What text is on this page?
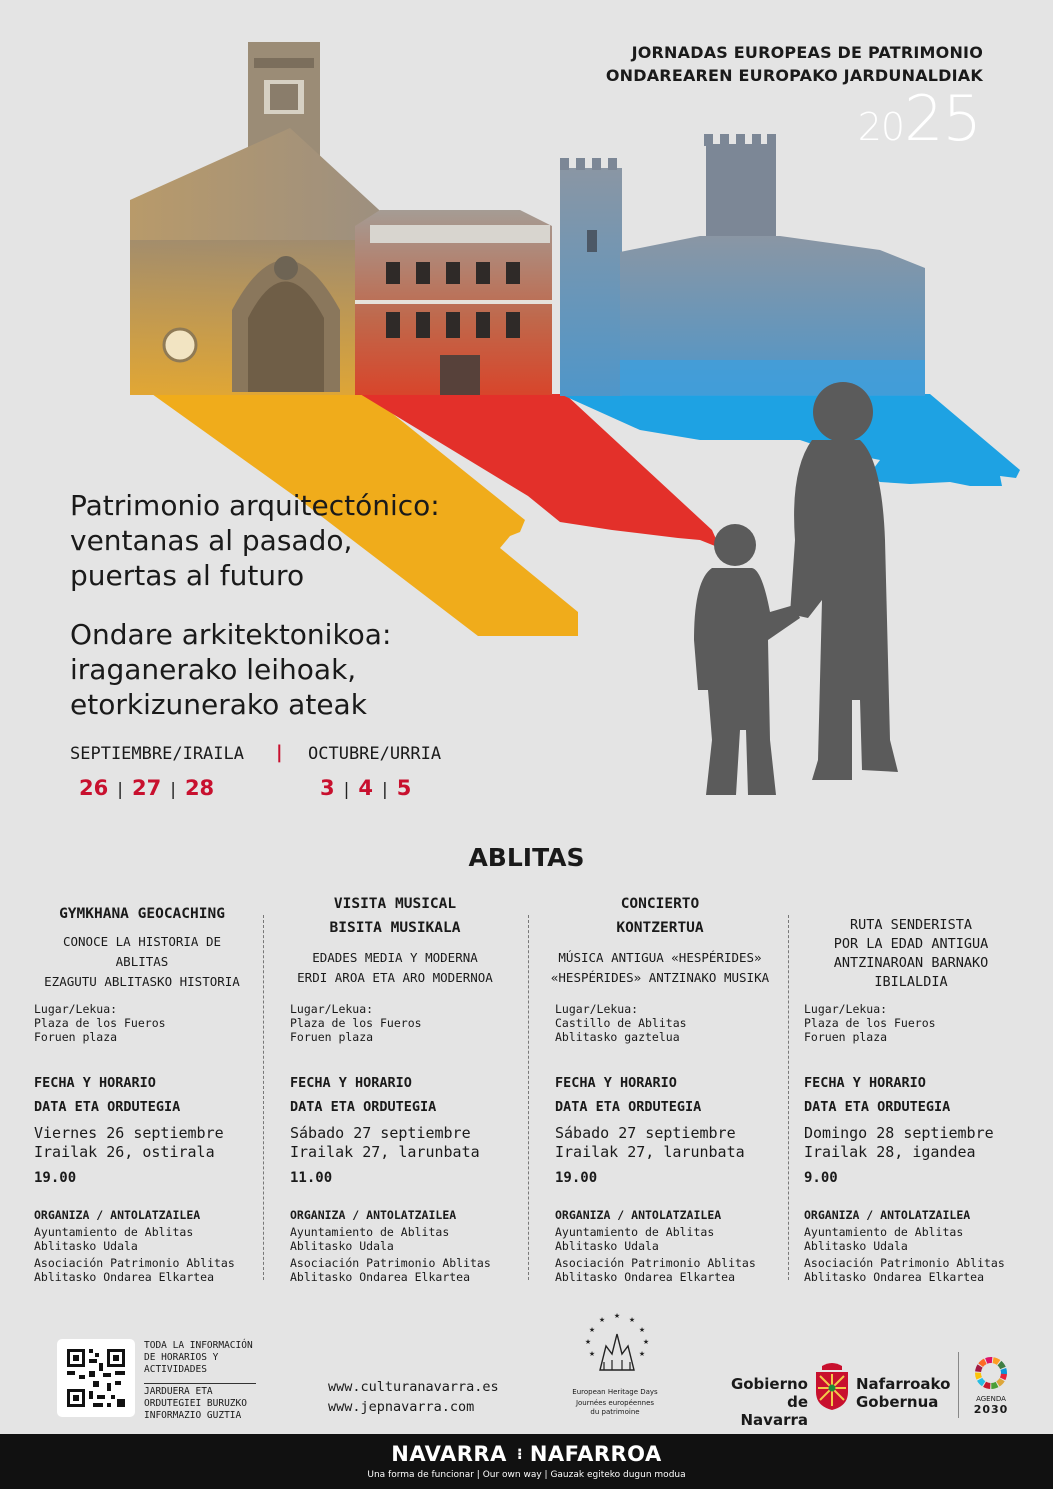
JORNADAS EUROPEAS DE PATRIMONIO
ONDAREAREN EUROPAKO JARDUNALDIAK
2025
Patrimonio arquitectónico:
ventanas al pasado,
puertas al futuro
Ondare arkitektonikoa:
iraganerako leihoak,
etorkizunerako ateak
SEPTIEMBRE/IRAILA | OCTUBRE/URRIA
26 | 27 | 28	3 | 4 | 5
ABLITAS
GYMKHANA GEOCACHING
CONOCE LA HISTORIA DE
ABLITAS
EZAGUTU ABLITASKO HISTORIA
Lugar/Lekua:
Plaza de los Fueros
Foruen plaza
FECHA Y HORARIO
DATA ETA ORDUTEGIA
Viernes 26 septiembre
Irailak 26, ostirala
19.00
ORGANIZA / ANTOLATZAILEA
Ayuntamiento de Ablitas
Ablitasko Udala
Asociación Patrimonio Ablitas
Ablitasko Ondarea Elkartea
VISITA MUSICAL
BISITA MUSIKALA
EDADES MEDIA Y MODERNA
ERDI AROA ETA ARO MODERNOA
Lugar/Lekua:
Plaza de los Fueros
Foruen plaza
FECHA Y HORARIO
DATA ETA ORDUTEGIA
Sábado 27 septiembre
Irailak 27, larunbata
11.00
ORGANIZA / ANTOLATZAILEA
Ayuntamiento de Ablitas
Ablitasko Udala
Asociación Patrimonio Ablitas
Ablitasko Ondarea Elkartea
CONCIERTO
KONTZERTUA
MÚSICA ANTIGUA «HESPÉRIDES»
«HESPÉRIDES» ANTZINAKO MUSIKA
Lugar/Lekua:
Castillo de Ablitas
Ablitasko gaztelua
FECHA Y HORARIO
DATA ETA ORDUTEGIA
Sábado 27 septiembre
Irailak 27, larunbata
19.00
ORGANIZA / ANTOLATZAILEA
Ayuntamiento de Ablitas
Ablitasko Udala
Asociación Patrimonio Ablitas
Ablitasko Ondarea Elkartea
RUTA SENDERISTA
POR LA EDAD ANTIGUA
ANTZINAROAN BARNAKO
IBILALDIA
Lugar/Lekua:
Plaza de los Fueros
Foruen plaza
FECHA Y HORARIO
DATA ETA ORDUTEGIA
Domingo 28 septiembre
Irailak 28, igandea
9.00
ORGANIZA / ANTOLATZAILEA
Ayuntamiento de Ablitas
Ablitasko Udala
Asociación Patrimonio Ablitas
Ablitasko Ondarea Elkartea
TODA LA INFORMACIÓN
DE HORARIOS Y
ACTIVIDADES
JARDUERA ETA
ORDUTEGIEI BURUZKO
INFORMAZIO GUZTIA
www.culturanavarra.es
www.jepnavarra.com
★
★	★
★	★
★	★
★	★
European Heritage Days
Journées européennes
du patrimoine
Gobierno
de Navarra
Nafarroako
Gobernua	AGENDA
2030
NAVARRA ⁝ NAFARROA
Una forma de funcionar | Our own way | Gauzak egiteko dugun modua
